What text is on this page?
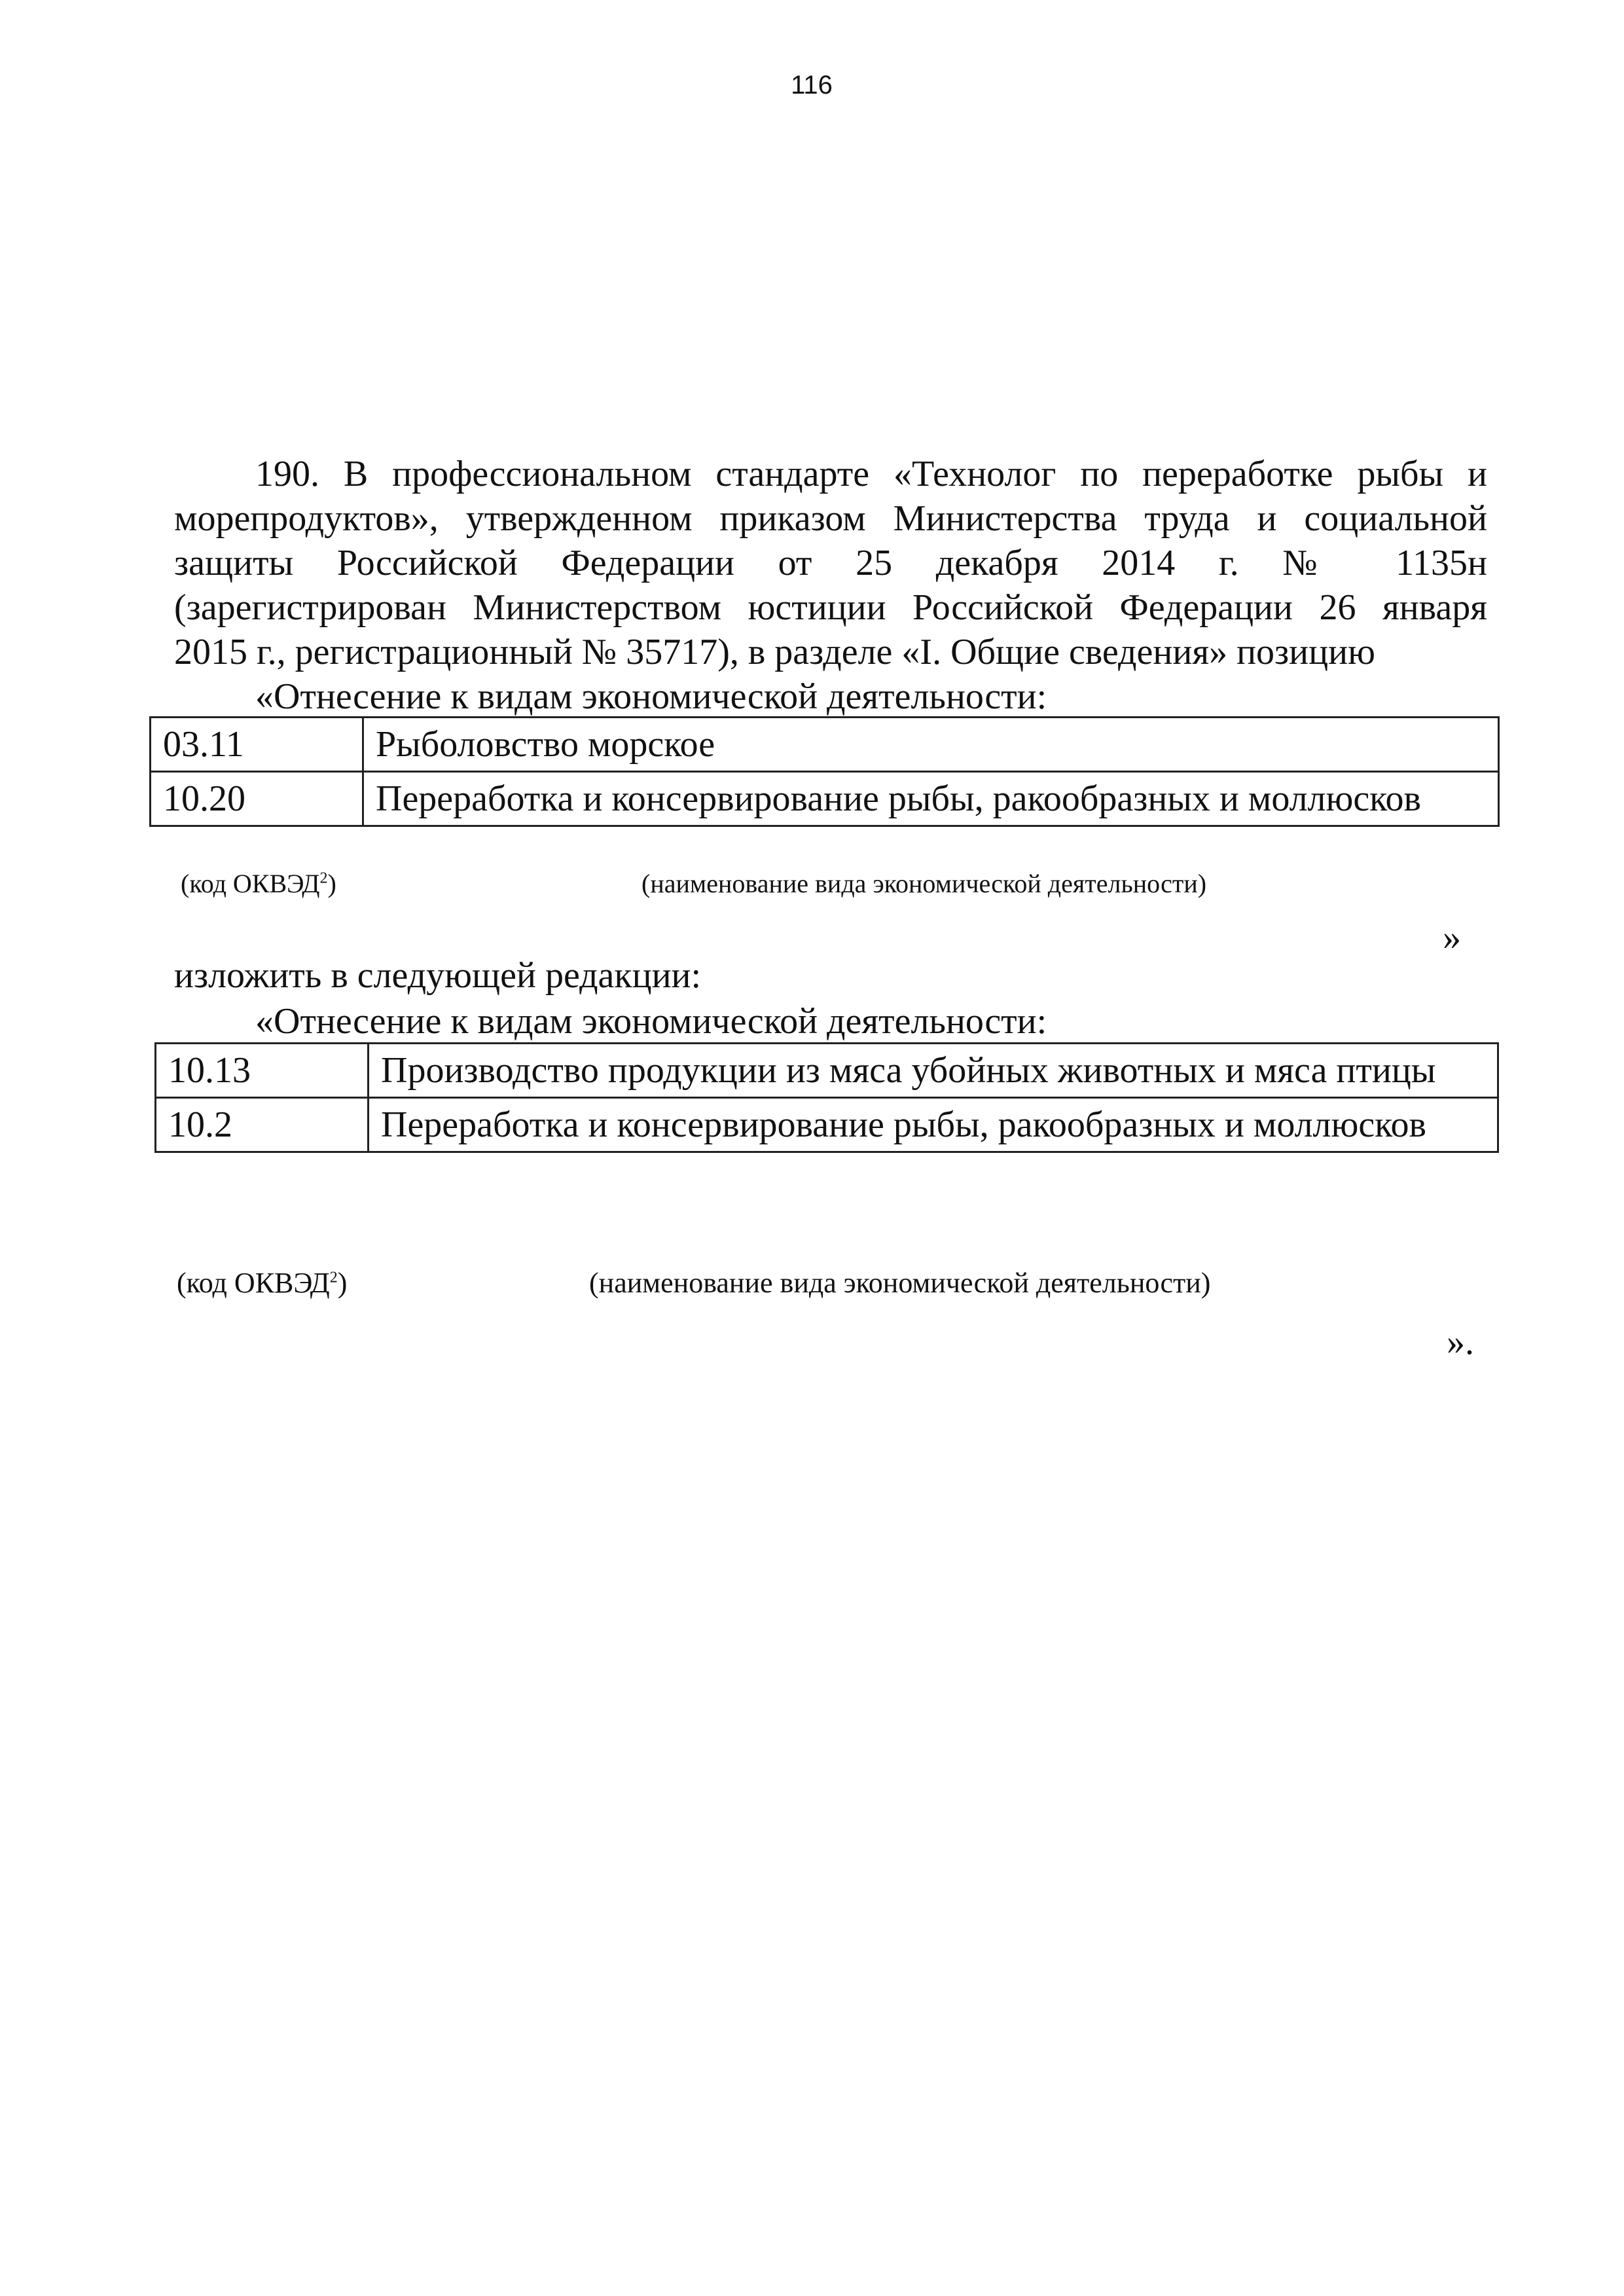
116
190. В профессиональном стандарте «Технолог по переработке рыбы и
морепродуктов», утвержденном приказом Министерства труда и социальной
защиты Российской Федерации от 25 декабря 2014 г. № 1135н
(зарегистрирован Министерством юстиции Российской Федерации 26 января
2015 г., регистрационный № 35717), в разделе «I. Общие сведения» позицию
«Отнесение к видам экономической деятельности:
03.11	Рыболовство морское
10.20	Переработка и консервирование рыбы, ракообразных и моллюсков
(код ОКВЭД$^2$)	(наименование вида экономической деятельности)
»
изложить в следующей редакции:
«Отнесение к видам экономической деятельности:
10.13	Производство продукции из мяса убойных животных и мяса птицы
10.2	Переработка и консервирование рыбы, ракообразных и моллюсков
(код ОКВЭД$^2$)	(наименование вида экономической деятельности)
».
